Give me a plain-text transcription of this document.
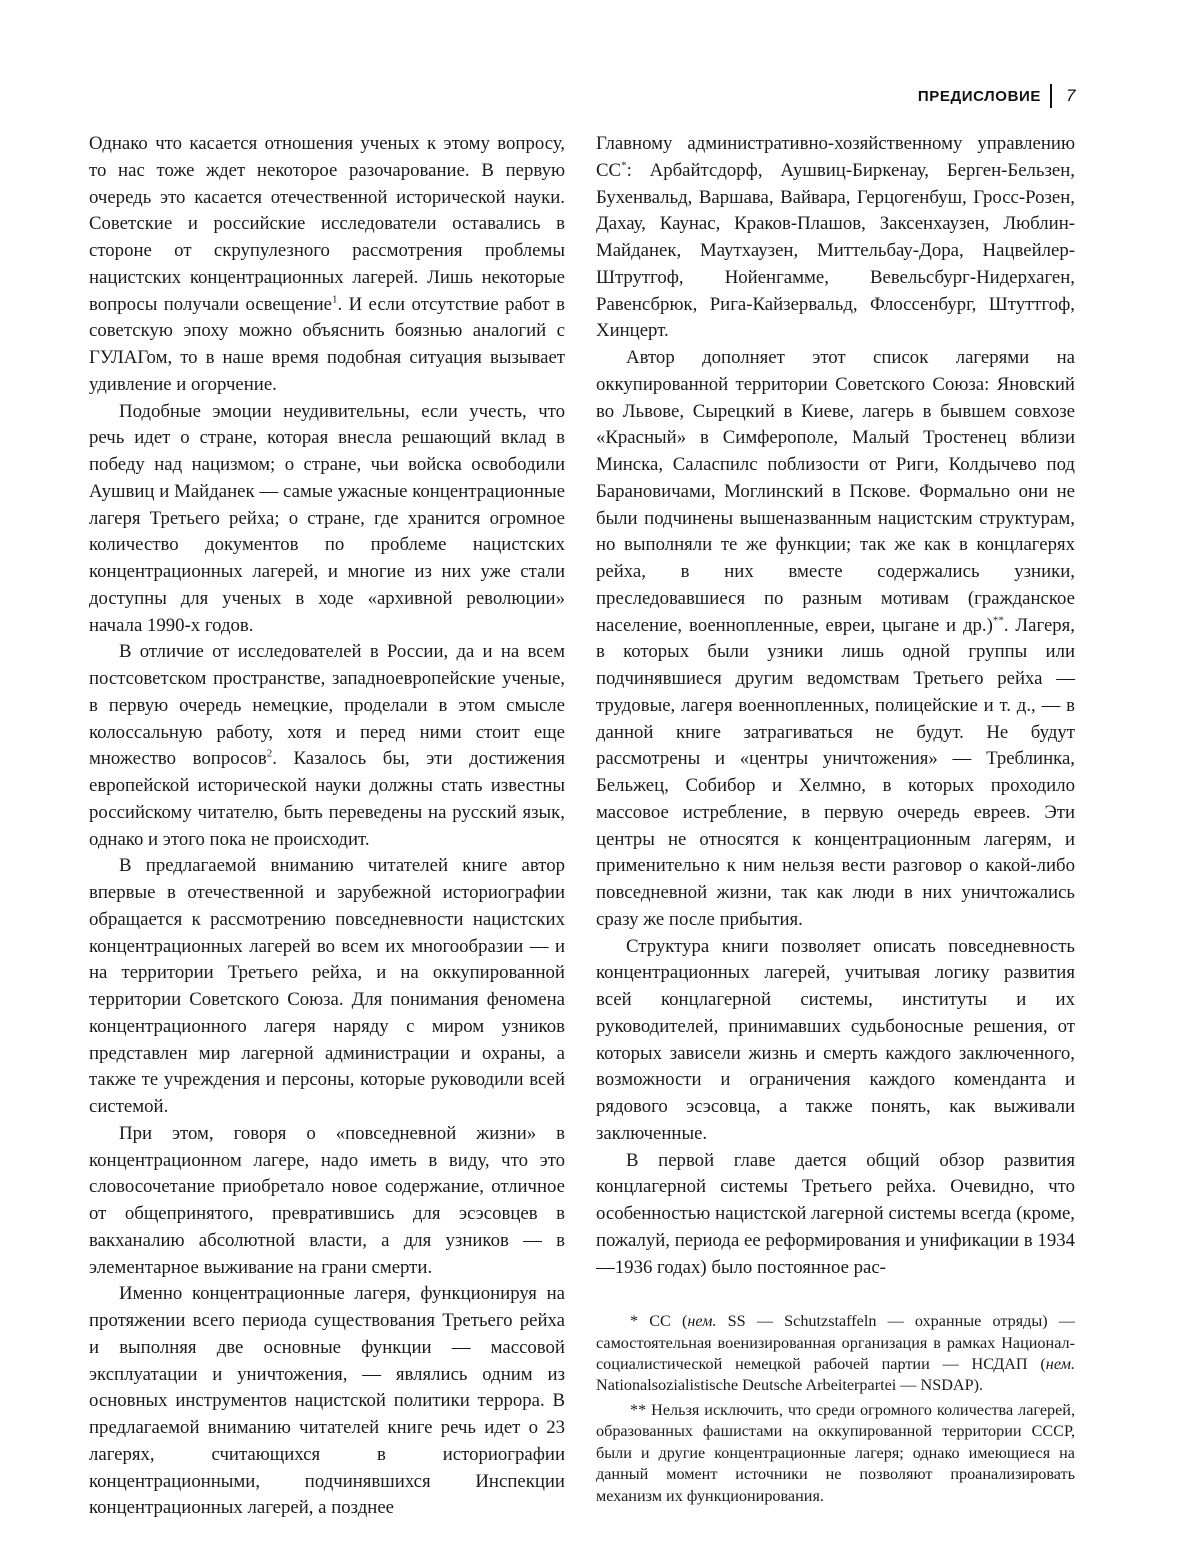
ПРЕДИСЛОВИЕ 7

Однако что касается отношения ученых к этому вопросу, то нас тоже ждет некоторое разочарование. В первую очередь это касается отечественной исторической науки. Советские и российские исследователи оставались в стороне от скрупулезного рассмотрения проблемы нацистских концентрационных лагерей. Лишь некоторые вопросы получали освещение$^1$. И если отсутствие работ в советскую эпоху можно объяснить боязнью аналогий с ГУЛАГом, то в наше время подобная ситуация вызывает удивление и огорчение.

Подобные эмоции неудивительны, если учесть, что речь идет о стране, которая внесла решающий вклад в победу над нацизмом; о стране, чьи войска освободили Аушвиц и Майданек — самые ужасные концентрационные лагеря Третьего рейха; о стране, где хранится огромное количество документов по проблеме нацистских концентрационных лагерей, и многие из них уже стали доступны для ученых в ходе «архивной революции» начала 1990-х годов.

В отличие от исследователей в России, да и на всем постсоветском пространстве, западноевропейские ученые, в первую очередь немецкие, проделали в этом смысле колоссальную работу, хотя и перед ними стоит еще множество вопросов$^2$. Казалось бы, эти достижения европейской исторической науки должны стать известны российскому читателю, быть переведены на русский язык, однако и этого пока не происходит.

В предлагаемой вниманию читателей книге автор впервые в отечественной и зарубежной историографии обращается к рассмотрению повседневности нацистских концентрационных лагерей во всем их многообразии — и на территории Третьего рейха, и на оккупированной территории Советского Союза. Для понимания феномена концентрационного лагеря наряду с миром узников представлен мир лагерной администрации и охраны, а также те учреждения и персоны, которые руководили всей системой.

При этом, говоря о «повседневной жизни» в концентрационном лагере, надо иметь в виду, что это словосочетание приобретало новое содержание, отличное от общепринятого, превратившись для эсэсовцев в вакханалию абсолютной власти, а для узников — в элементарное выживание на грани смерти.

Именно концентрационные лагеря, функционируя на протяжении всего периода существования Третьего рейха и выполняя две основные функции — массовой эксплуатации и уничтожения, — являлись одним из основных инструментов нацистской политики террора. В предлагаемой вниманию читателей книге речь идет о 23 лагерях, считающихся в историографии концентрационными, подчинявшихся Инспекции концентрационных лагерей, а позднее

Главному административно-хозяйственному управлению СС*: Арбайтсдорф, Аушвиц-Биркенау, Берген-Бельзен, Бухенвальд, Варшава, Вайвара, Герцогенбуш, Гросс-Розен, Дахау, Каунас, Краков-Плашов, Заксенхаузен, Люблин-Майданек, Маутхаузен, Миттельбау-Дора, Нацвейлер-Штрутгоф, Нойенгамме, Вевельсбург-Нидерхаген, Равенсбрюк, Рига-Кайзервальд, Флоссенбург, Штуттгоф, Хинцерт.

Автор дополняет этот список лагерями на оккупированной территории Советского Союза: Яновский во Львове, Сырецкий в Киеве, лагерь в бывшем совхозе «Красный» в Симферополе, Малый Тростенец вблизи Минска, Саласпилс поблизости от Риги, Колдычево под Барановичами, Моглинский в Пскове. Формально они не были подчинены вышеназванным нацистским структурам, но выполняли те же функции; так же как в концлагерях рейха, в них вместе содержались узники, преследовавшиеся по разным мотивам (гражданское население, военнопленные, евреи, цыгане и др.)**. Лагеря, в которых были узники лишь одной группы или подчинявшиеся другим ведомствам Третьего рейха — трудовые, лагеря военнопленных, полицейские и т. д., — в данной книге затрагиваться не будут. Не будут рассмотрены и «центры уничтожения» — Треблинка, Бельжец, Собибор и Хелмно, в которых проходило массовое истребление, в первую очередь евреев. Эти центры не относятся к концентрационным лагерям, и применительно к ним нельзя вести разговор о какой-либо повседневной жизни, так как люди в них уничтожались сразу же после прибытия.

Структура книги позволяет описать повседневность концентрационных лагерей, учитывая логику развития всей концлагерной системы, институты и их руководителей, принимавших судьбоносные решения, от которых зависели жизнь и смерть каждого заключенного, возможности и ограничения каждого коменданта и рядового эсэсовца, а также понять, как выживали заключенные.

В первой главе дается общий обзор развития концлагерной системы Третьего рейха. Очевидно, что особенностью нацистской лагерной системы всегда (кроме, пожалуй, периода ее реформирования и унификации в 1934—1936 годах) было постоянное рас-

* СС (нем. SS — Schutzstaffeln — охранные отряды) — самостоятельная военизированная организация в рамках Национал-социалистической немецкой рабочей партии — НСДАП (нем. Nationalsozialistische Deutsche Arbeiterpartei — NSDAP).

** Нельзя исключить, что среди огромного количества лагерей, образованных фашистами на оккупированной территории СССР, были и другие концентрационные лагеря; однако имеющиеся на данный момент источники не позволяют проанализировать механизм их функционирования.
